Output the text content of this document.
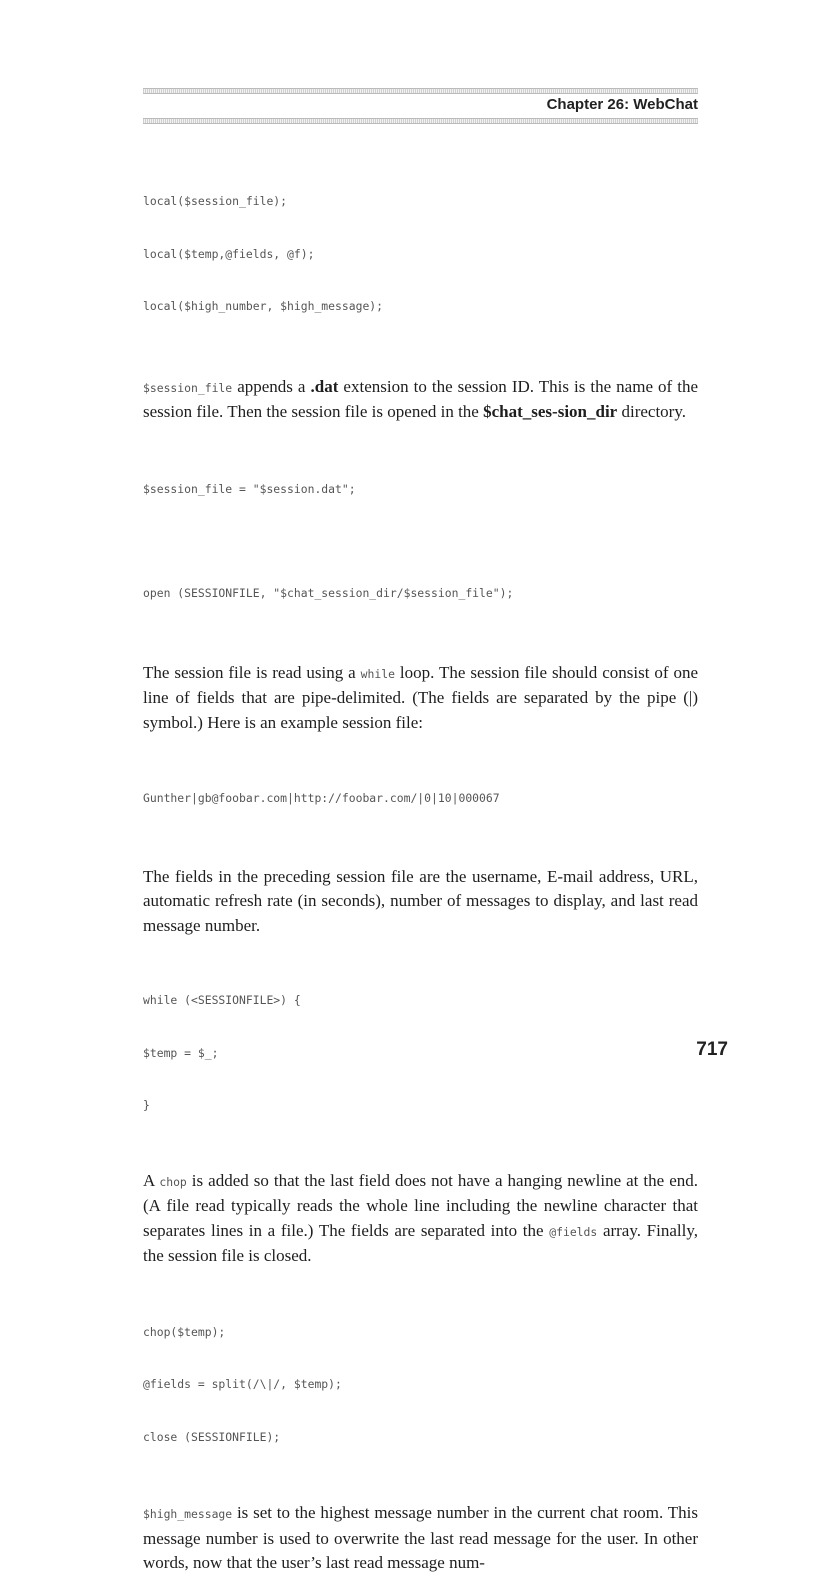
Chapter 26: WebChat

local($session_file);

local($temp,@fields, @f);

local($high_number, $high_message);

$session_file appends a .dat extension to the session ID. This is the name of the session file. Then the session file is opened in the $chat_ses-sion_dir directory.

$session_file = "$session.dat";

open (SESSIONFILE, "$chat_session_dir/$session_file");

The session file is read using a while loop. The session file should consist of one line of fields that are pipe-delimited. (The fields are separated by the pipe (|) symbol.) Here is an example session file:

Gunther|gb@foobar.com|http://foobar.com/|0|10|000067

The fields in the preceding session file are the username, E-mail address, URL, automatic refresh rate (in seconds), number of messages to display, and last read message number.

while (<SESSIONFILE>) {

$temp = $_;

}

A chop is added so that the last field does not have a hanging newline at the end. (A file read typically reads the whole line including the newline character that separates lines in a file.) The fields are separated into the @fields array. Finally, the session file is closed.

chop($temp);

@fields = split(/\|/, $temp);

close (SESSIONFILE);

$high_message is set to the highest message number in the current chat room. This message number is used to overwrite the last read message for the user. In other words, now that the user’s last read message num-

717
